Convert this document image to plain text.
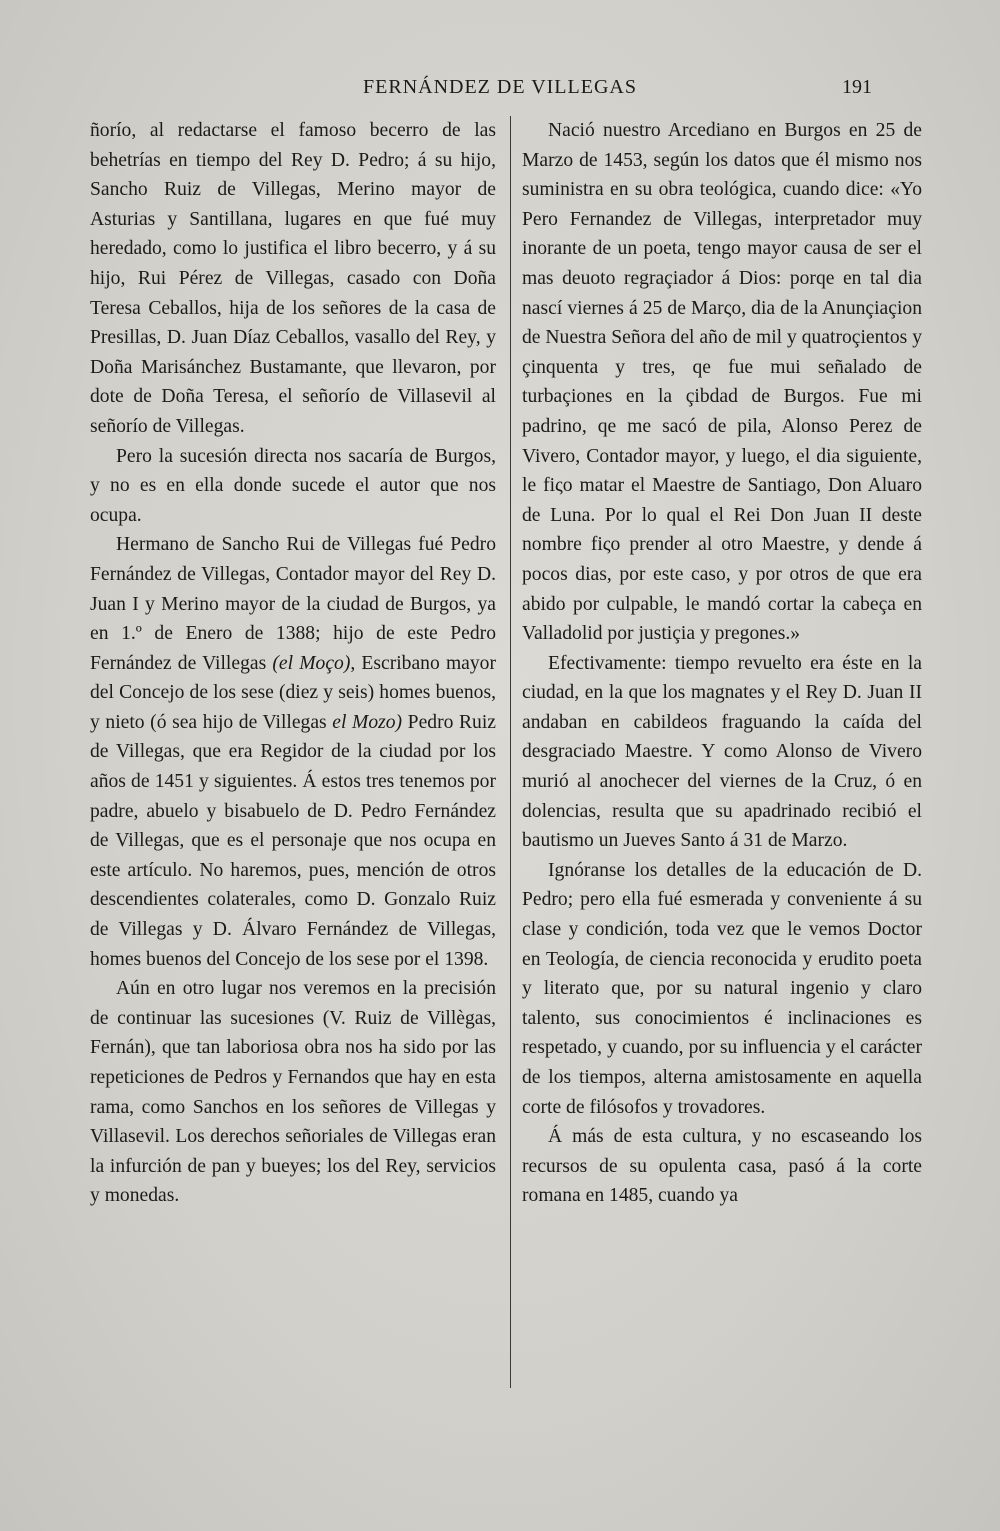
FERNÁNDEZ DE VILLEGAS	191

ñorío, al redactarse el famoso becerro de las behetrías en tiempo del Rey D. Pedro; á su hijo, Sancho Ruiz de Villegas, Merino mayor de Asturias y Santillana, lugares en que fué muy heredado, como lo justifica el libro becerro, y á su hijo, Rui Pérez de Villegas, casado con Doña Teresa Ceballos, hija de los señores de la casa de Presillas, D. Juan Díaz Ceballos, vasallo del Rey, y Doña Marisánchez Bustamante, que llevaron, por dote de Doña Teresa, el señorío de Villasevil al señorío de Villegas.

Pero la sucesión directa nos sacaría de Burgos, y no es en ella donde sucede el autor que nos ocupa.

Hermano de Sancho Rui de Villegas fué Pedro Fernández de Villegas, Contador mayor del Rey D. Juan I y Merino mayor de la ciudad de Burgos, ya en 1.º de Enero de 1388; hijo de este Pedro Fernández de Villegas (el Moço), Escribano mayor del Concejo de los sese (diez y seis) homes buenos, y nieto (ó sea hijo de Villegas el Mozo) Pedro Ruiz de Villegas, que era Regidor de la ciudad por los años de 1451 y siguientes. Á estos tres tenemos por padre, abuelo y bisabuelo de D. Pedro Fernández de Villegas, que es el personaje que nos ocupa en este artículo. No haremos, pues, mención de otros descendientes colaterales, como D. Gonzalo Ruiz de Villegas y D. Álvaro Fernández de Villegas, homes buenos del Concejo de los sese por el 1398.

Aún en otro lugar nos veremos en la precisión de continuar las sucesiones (V. Ruiz de Villègas, Fernán), que tan laboriosa obra nos ha sido por las repeticiones de Pedros y Fernandos que hay en esta rama, como Sanchos en los señores de Villegas y Villasevil. Los derechos señoriales de Villegas eran la infurción de pan y bueyes; los del Rey, servicios y monedas.

Nació nuestro Arcediano en Burgos en 25 de Marzo de 1453, según los datos que él mismo nos suministra en su obra teológica, cuando dice: «Yo Pero Fernandez de Villegas, interpretador muy inorante de un poeta, tengo mayor causa de ser el mas deuoto regraçiador á Dios: porqe en tal dia nascí viernes á 25 de Marςo, dia de la Anunçiaçion de Nuestra Señora del año de mil y quatroçientos y çinquenta y tres, qe fue mui señalado de turbaçiones en la çibdad de Burgos. Fue mi padrino, qe me sacó de pila, Alonso Perez de Vivero, Contador mayor, y luego, el dia siguiente, le fiςo matar el Maestre de Santiago, Don Aluaro de Luna. Por lo qual el Rei Don Juan II deste nombre fiςo prender al otro Maestre, y dende á pocos dias, por este caso, y por otros de que era abido por culpable, le mandó cortar la cabeça en Valladolid por justiçia y pregones.»

Efectivamente: tiempo revuelto era éste en la ciudad, en la que los magnates y el Rey D. Juan II andaban en cabildeos fraguando la caída del desgraciado Maestre. Y como Alonso de Vivero murió al anochecer del viernes de la Cruz, ó en dolencias, resulta que su apadrinado recibió el bautismo un Jueves Santo á 31 de Marzo.

Ignóranse los detalles de la educación de D. Pedro; pero ella fué esmerada y conveniente á su clase y condición, toda vez que le vemos Doctor en Teología, de ciencia reconocida y erudito poeta y literato que, por su natural ingenio y claro talento, sus conocimientos é inclinaciones es respetado, y cuando, por su influencia y el carácter de los tiempos, alterna amistosamente en aquella corte de filósofos y trovadores.

Á más de esta cultura, y no escaseando los recursos de su opulenta casa, pasó á la corte romana en 1485, cuando ya
